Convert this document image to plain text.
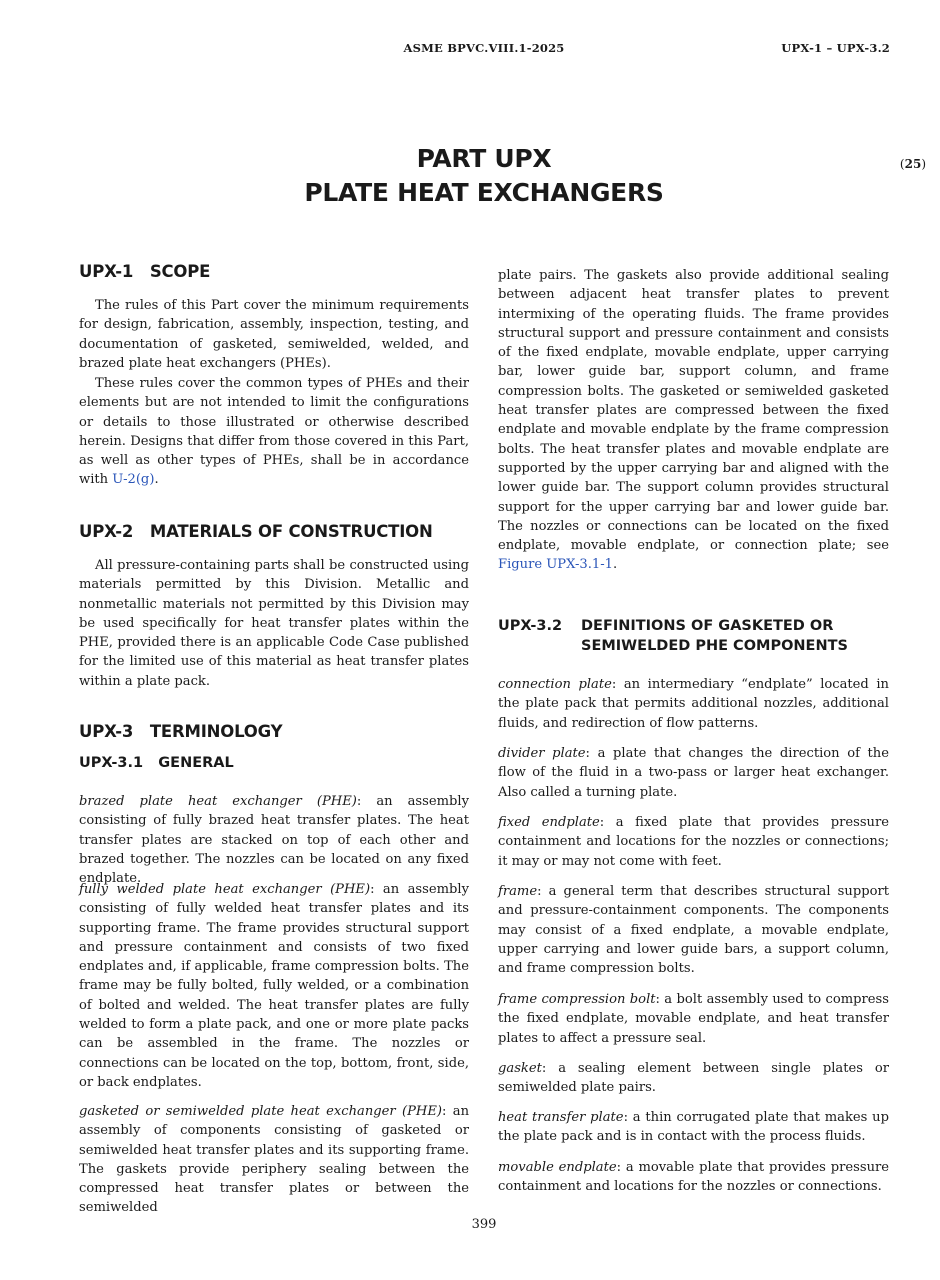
ASME BPVC.VIII.1-2025	UPX-1 – UPX-3.2
PART UPX
PLATE HEAT EXCHANGERS
(25)
UPX-1 SCOPE
The rules of this Part cover the minimum requirements for design, fabrication, assembly, inspection, testing, and documentation of gasketed, semiwelded, welded, and brazed plate heat exchangers (PHEs).
These rules cover the common types of PHEs and their elements but are not intended to limit the configurations or details to those illustrated or otherwise described herein. Designs that differ from those covered in this Part, as well as other types of PHEs, shall be in accordance with U-2(g).
UPX-2 MATERIALS OF CONSTRUCTION
All pressure-containing parts shall be constructed using materials permitted by this Division. Metallic and nonmetallic materials not permitted by this Division may be used specifically for heat transfer plates within the PHE, provided there is an applicable Code Case published for the limited use of this material as heat transfer plates within a plate pack.
UPX-3 TERMINOLOGY
UPX-3.1 GENERAL
brazed plate heat exchanger (PHE): an assembly consisting of fully brazed heat transfer plates. The heat transfer plates are stacked on top of each other and brazed together. The nozzles can be located on any fixed endplate.
fully welded plate heat exchanger (PHE): an assembly consisting of fully welded heat transfer plates and its supporting frame. The frame provides structural support and pressure containment and consists of two fixed endplates and, if applicable, frame compression bolts. The frame may be fully bolted, fully welded, or a combination of bolted and welded. The heat transfer plates are fully welded to form a plate pack, and one or more plate packs can be assembled in the frame. The nozzles or connections can be located on the top, bottom, front, side, or back endplates.
gasketed or semiwelded plate heat exchanger (PHE): an assembly of components consisting of gasketed or semiwelded heat transfer plates and its supporting frame. The gaskets provide periphery sealing between the compressed heat transfer plates or between the semiwelded
plate pairs. The gaskets also provide additional sealing between adjacent heat transfer plates to prevent intermixing of the operating fluids. The frame provides structural support and pressure containment and consists of the fixed endplate, movable endplate, upper carrying bar, lower guide bar, support column, and frame compression bolts. The gasketed or semiwelded gasketed heat transfer plates are compressed between the fixed endplate and movable endplate by the frame compression bolts. The heat transfer plates and movable endplate are supported by the upper carrying bar and aligned with the lower guide bar. The support column provides structural support for the upper carrying bar and lower guide bar. The nozzles or connections can be located on the fixed endplate, movable endplate, or connection plate; see Figure UPX-3.1-1.
UPX-3.2 DEFINITIONS OF GASKETED OR
SEMIWELDED PHE COMPONENTS
connection plate: an intermediary “endplate” located in the plate pack that permits additional nozzles, additional fluids, and redirection of flow patterns.
divider plate: a plate that changes the direction of the flow of the fluid in a two-pass or larger heat exchanger. Also called a turning plate.
fixed endplate: a fixed plate that provides pressure containment and locations for the nozzles or connections; it may or may not come with feet.
frame: a general term that describes structural support and pressure-containment components. The components may consist of a fixed endplate, a movable endplate, upper carrying and lower guide bars, a support column, and frame compression bolts.
frame compression bolt: a bolt assembly used to compress the fixed endplate, movable endplate, and heat transfer plates to affect a pressure seal.
gasket: a sealing element between single plates or semiwelded plate pairs.
heat transfer plate: a thin corrugated plate that makes up the plate pack and is in contact with the process fluids.
movable endplate: a movable plate that provides pressure containment and locations for the nozzles or connections.
399
